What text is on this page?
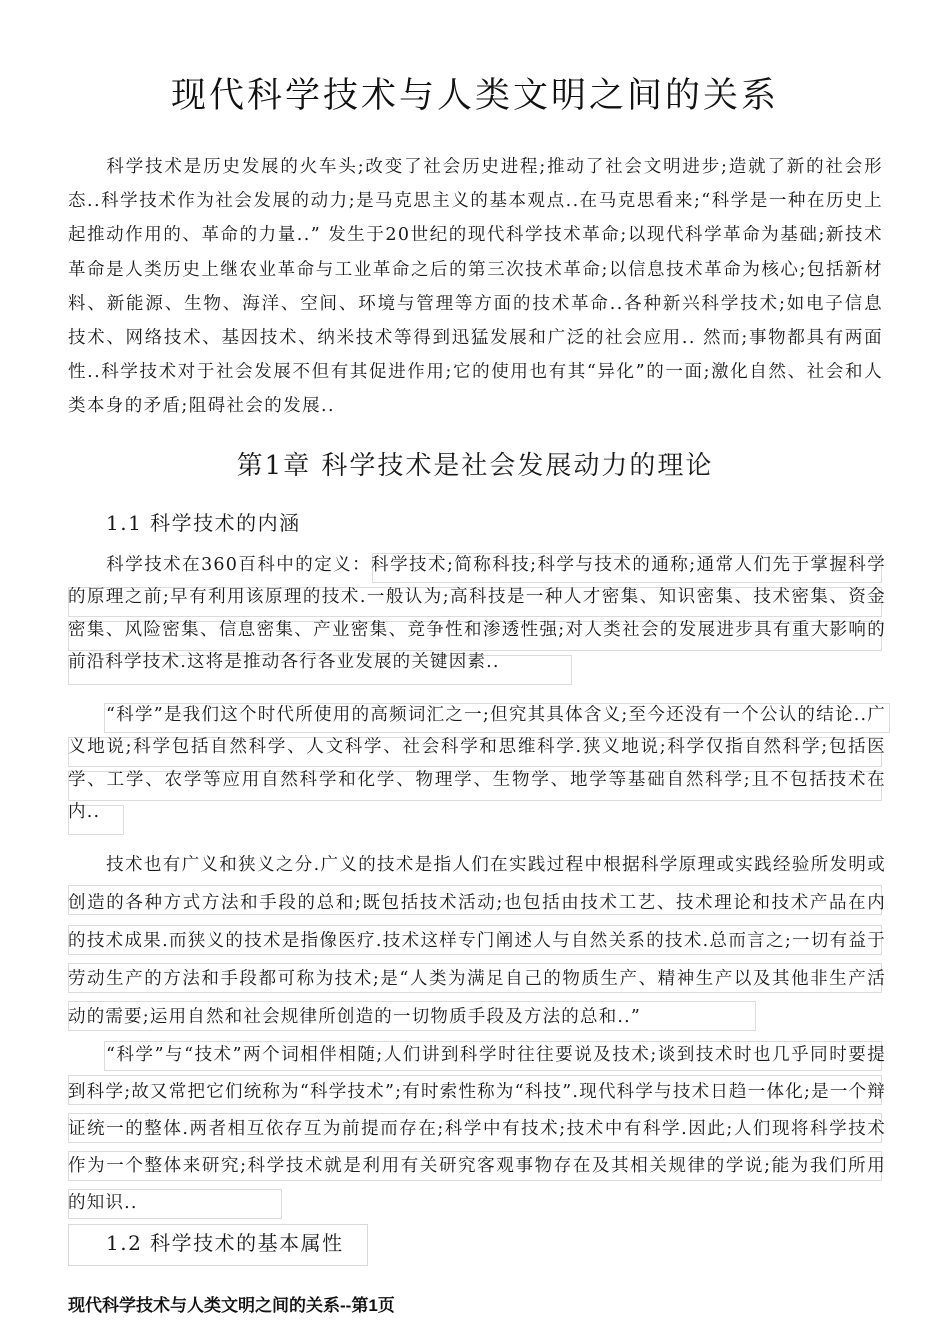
现代科学技术与人类文明之间的关系

科学技术是历史发展的火车头;改变了社会历史进程;推动了社会文明进步;造就了新的社会形态..科学技术作为社会发展的动力;是马克思主义的基本观点..在马克思看来;“科学是一种在历史上起推动作用的、革命的力量..” 发生于20世纪的现代科学技术革命;以现代科学革命为基础;新技术革命是人类历史上继农业革命与工业革命之后的第三次技术革命;以信息技术革命为核心;包括新材料、新能源、生物、海洋、空间、环境与管理等方面的技术革命..各种新兴科学技术;如电子信息技术、网络技术、基因技术、纳米技术等得到迅猛发展和广泛的社会应用.. 然而;事物都具有两面性..科学技术对于社会发展不但有其促进作用;它的使用也有其“异化”的一面;激化自然、社会和人类本身的矛盾;阻碍社会的发展..

第1章 科学技术是社会发展动力的理论
1.1 科学技术的内涵

科学技术在360百科中的定义：科学技术;简称科技;科学与技术的通称;通常人们先于掌握科学的原理之前;早有利用该原理的技术.一般认为;高科技是一种人才密集、知识密集、技术密集、资金密集、风险密集、信息密集、产业密集、竞争性和渗透性强;对人类社会的发展进步具有重大影响的前沿科学技术.这将是推动各行各业发展的关键因素..

“科学”是我们这个时代所使用的高频词汇之一;但究其具体含义;至今还没有一个公认的结论..广义地说;科学包括自然科学、人文科学、社会科学和思维科学.狭义地说;科学仅指自然科学;包括医学、工学、农学等应用自然科学和化学、物理学、生物学、地学等基础自然科学;且不包括技术在内..

技术也有广义和狭义之分.广义的技术是指人们在实践过程中根据科学原理或实践经验所发明或创造的各种方式方法和手段的总和;既包括技术活动;也包括由技术工艺、技术理论和技术产品在内的技术成果.而狭义的技术是指像医疗.技术这样专门阐述人与自然关系的技术.总而言之;一切有益于劳动生产的方法和手段都可称为技术;是“人类为满足自己的物质生产、精神生产以及其他非生产活动的需要;运用自然和社会规律所创造的一切物质手段及方法的总和..”

“科学”与“技术”两个词相伴相随;人们讲到科学时往往要说及技术;谈到技术时也几乎同时要提到科学;故又常把它们统称为“科学技术”;有时索性称为“科技”.现代科学与技术日趋一体化;是一个辩证统一的整体.两者相互依存互为前提而存在;科学中有技术;技术中有科学.因此;人们现将科学技术作为一个整体来研究;科学技术就是利用有关研究客观事物存在及其相关规律的学说;能为我们所用的知识..

1.2 科学技术的基本属性
现代科学技术与人类文明之间的关系--第1页
